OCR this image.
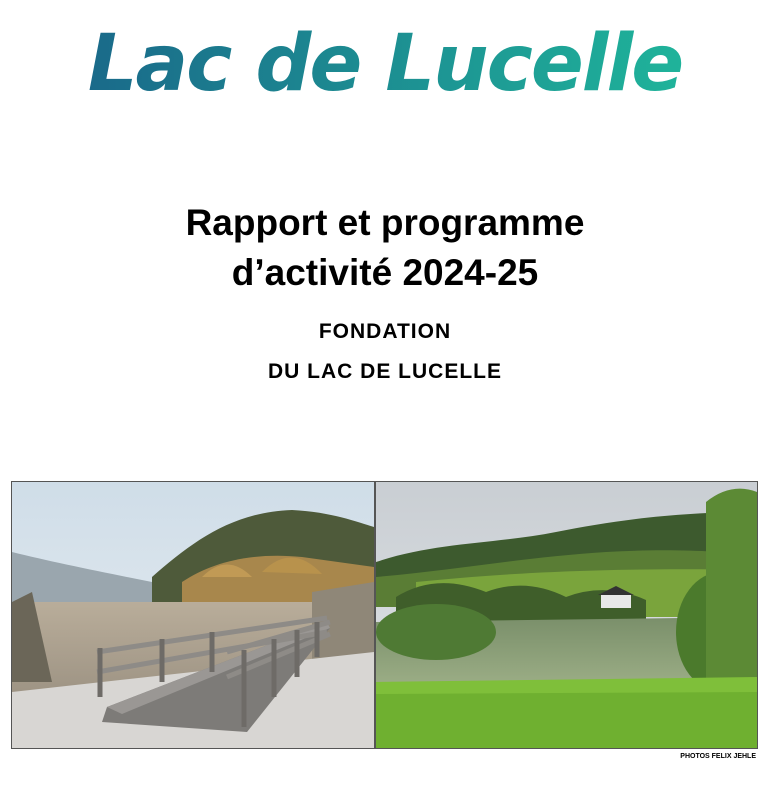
Lac de Lucelle
Rapport et programme
d’activité 2024-25
FONDATION
DU LAC DE LUCELLE
PHOTOS FELIX JEHLE
